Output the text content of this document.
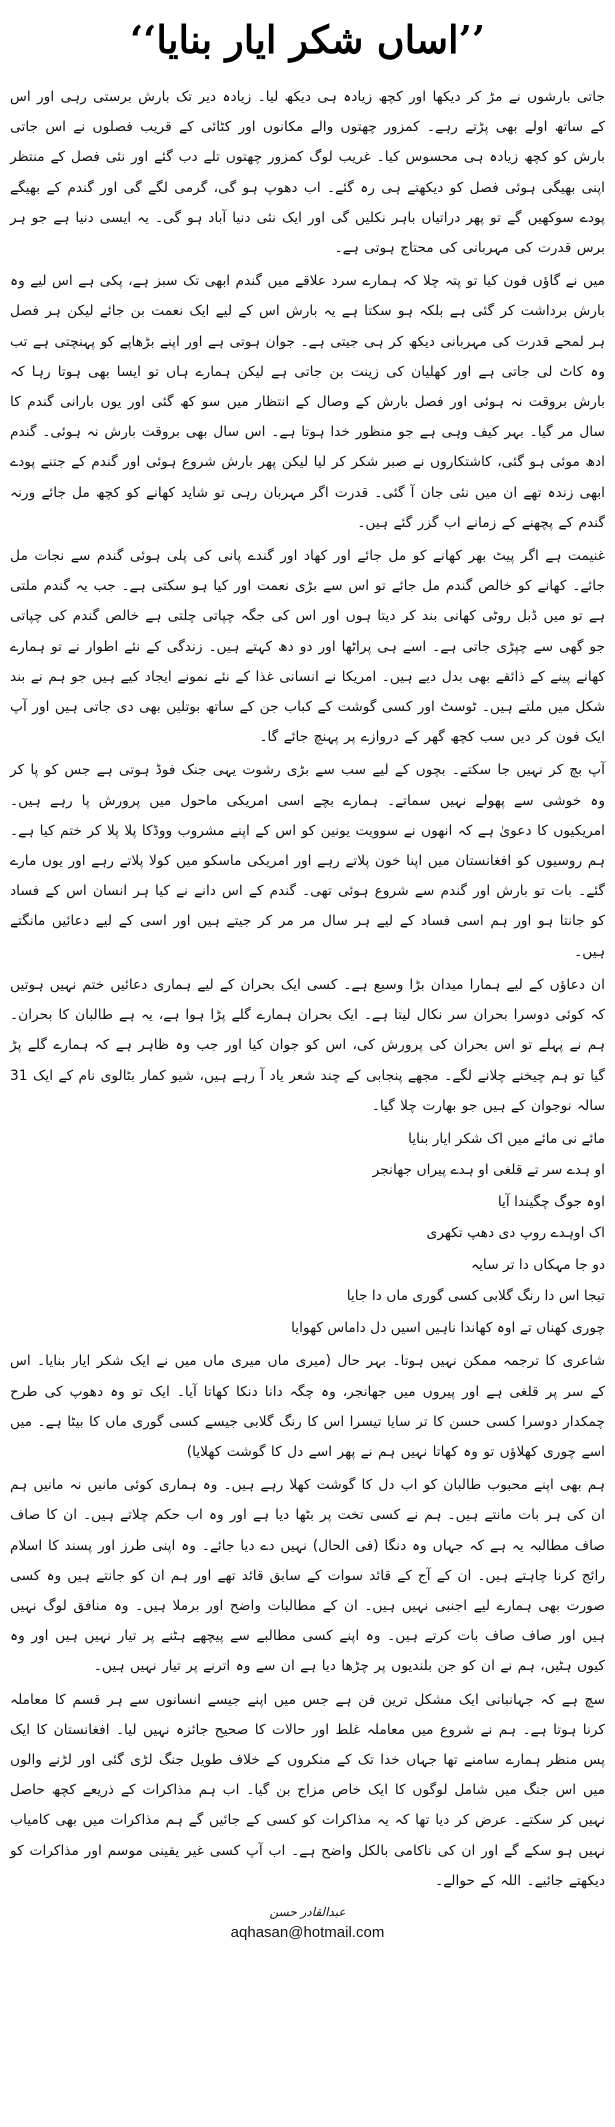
’’اساں شکر ایار بنایا‘‘

جاتی بارشوں نے مڑ کر دیکھا اور کچھ زیادہ ہی دیکھ لیا۔ زیادہ دیر تک بارش برستی رہی اور اس کے ساتھ اولے بھی پڑتے رہے۔ کمزور چھتوں والے مکانوں اور کٹائی کے قریب فصلوں نے اس جاتی بارش کو کچھ زیادہ ہی محسوس کیا۔ غریب لوگ کمزور چھتوں تلے دب گئے اور نئی فصل کے منتظر اپنی بھیگی ہوئی فصل کو دیکھتے ہی رہ گئے۔ اب دھوپ ہو گی، گرمی لگے گی اور گندم کے بھیگے پودے سوکھیں گے تو پھر دراتیاں باہر نکلیں گی اور ایک نئی دنیا آباد ہو گی۔ یہ ایسی دنیا ہے جو ہر برس قدرت کی مہربانی کی محتاج ہوتی ہے۔

میں نے گاؤں فون کیا تو پتہ چلا کہ ہمارے سرد علاقے میں گندم ابھی تک سبز ہے، پکی ہے اس لیے وہ بارش برداشت کر گئی ہے بلکہ ہو سکتا ہے یہ بارش اس کے لیے ایک نعمت بن جائے لیکن ہر فصل ہر لمحے قدرت کی مہربانی دیکھ کر ہی جیتی ہے۔ جوان ہوتی ہے اور اپنے بڑھاپے کو پہنچتی ہے تب وہ کاٹ لی جاتی ہے اور کھلیان کی زینت بن جاتی ہے لیکن ہمارے ہاں تو ایسا بھی ہوتا رہا کہ بارش بروقت نہ ہوئی اور فصل بارش کے وصال کے انتظار میں سو کھ گئی اور یوں بارانی گندم کا سال مر گیا۔ بہر کیف وہی ہے جو منظور خدا ہوتا ہے۔ اس سال بھی بروقت بارش نہ ہوئی۔ گندم ادھ موئی ہو گئی، کاشتکاروں نے صبر شکر کر لیا لیکن پھر بارش شروع ہوئی اور گندم کے جتنے پودے ابھی زندہ تھے ان میں نئی جان آ گئی۔ قدرت اگر مہربان رہی تو شاید کھانے کو کچھ مل جائے ورنہ گندم کے پچھنے کے زمانے اب گزر گئے ہیں۔

غنیمت ہے اگر پیٹ بھر کھانے کو مل جائے اور کھاد اور گندے پانی کی پلی ہوئی گندم سے نجات مل جائے۔ کھانے کو خالص گندم مل جائے تو اس سے بڑی نعمت اور کیا ہو سکتی ہے۔ جب یہ گندم ملتی ہے تو میں ڈبل روٹی کھانی بند کر دیتا ہوں اور اس کی جگہ چپاتی چلتی ہے خالص گندم کی چپاتی جو گھی سے چپڑی جاتی ہے۔ اسے ہی پراٹھا اور دو دھ کہتے ہیں۔ زندگی کے نئے اطوار نے تو ہمارے کھانے پینے کے ذائقے بھی بدل دیے ہیں۔ امریکا نے انسانی غذا کے نئے نمونے ایجاد کیے ہیں جو ہم نے بند شکل میں ملتے ہیں۔ ٹوسٹ اور کسی گوشت کے کباب جن کے ساتھ بوتلیں بھی دی جاتی ہیں اور آپ ایک فون کر دیں سب کچھ گھر کے دروازے پر پہنچ جائے گا۔

آپ بچ کر نہیں جا سکتے۔ بچوں کے لیے سب سے بڑی رشوت یہی جنک فوڈ ہوتی ہے جس کو پا کر وہ خوشی سے پھولے نہیں سماتے۔ ہمارے بچے اسی امریکی ماحول میں پرورش پا رہے ہیں۔ امریکیوں کا دعویٰ ہے کہ انھوں نے سوویت یونین کو اس کے اپنے مشروب ووڈکا پلا پلا کر ختم کیا ہے۔ ہم روسیوں کو افغانستان میں اپنا خون پلاتے رہے اور امریکی ماسکو میں کولا پلاتے رہے اور یوں مارے گئے۔ بات تو بارش اور گندم سے شروع ہوئی تھی۔ گندم کے اس دانے نے کیا ہر انسان اس کے فساد کو جانتا ہو اور ہم اسی فساد کے لیے ہر سال مر مر کر جیتے ہیں اور اسی کے لیے دعائیں مانگتے ہیں۔

ان دعاؤں کے لیے ہمارا میدان بڑا وسیع ہے۔ کسی ایک بحران کے لیے ہماری دعائیں ختم نہیں ہوتیں کہ کوئی دوسرا بحران سر نکال لیتا ہے۔ ایک بحران ہمارے گلے پڑا ہوا ہے، یہ ہے طالبان کا بحران۔ ہم نے پہلے تو اس بحران کی پرورش کی، اس کو جوان کیا اور جب وہ ظاہر ہے کہ ہمارے گلے پڑ گیا تو ہم چیخنے چلانے لگے۔ مجھے پنجابی کے چند شعر یاد آ رہے ہیں، شیو کمار بٹالوی نام کے ایک 31 سالہ نوجوان کے ہیں جو بھارت چلا گیا۔

مائے نی مائے میں اک شکر ایار بنایا

او ہدے سر تے قلغی او ہدے پیراں جھانجر

اوہ جوگ چگیندا آیا

اک اوہدے روپ دی دھپ تکھری

دو جا مہکاں دا تر سایہ

تیجا اس دا رنگ گلابی کسی گوری ماں دا جایا

چوری کھناں تے اوہ کھاندا ناہیں اسیں دل داماس کھوایا

شاعری کا ترجمہ ممکن نہیں ہوتا۔ بہر حال (میری ماں میری ماں میں نے ایک شکر ایار بنایا۔ اس کے سر پر قلغی ہے اور پیروں میں جھانجر، وہ چگہ دانا دنکا کھاتا آیا۔ ایک تو وہ دھوپ کی طرح چمکدار دوسرا کسی حسن کا تر سایا تیسرا اس کا رنگ گلابی جیسے کسی گوری ماں کا بیٹا ہے۔ میں اسے چوری کھلاؤں تو وہ کھاتا نہیں ہم نے پھر اسے دل کا گوشت کھلایا)

ہم بھی اپنے محبوب طالبان کو اب دل کا گوشت کھلا رہے ہیں۔ وہ ہماری کوئی مانیں نہ مانیں ہم ان کی ہر بات مانتے ہیں۔ ہم نے کسی تخت پر بٹھا دیا ہے اور وہ اب حکم چلاتے ہیں۔ ان کا صاف صاف مطالبہ یہ ہے کہ جہاں وہ دنگا (فی الحال) نہیں دے دیا جائے۔ وہ اپنی طرز اور پسند کا اسلام رائج کرنا چاہتے ہیں۔ ان کے آج کے قائد سوات کے سابق قائد تھے اور ہم ان کو جانتے ہیں وہ کسی صورت بھی ہمارے لیے اجنبی نہیں ہیں۔ ان کے مطالبات واضح اور برملا ہیں۔ وہ منافق لوگ نہیں ہیں اور صاف صاف بات کرتے ہیں۔ وہ اپنے کسی مطالبے سے پیچھے ہٹنے پر تیار نہیں ہیں اور وہ کیوں ہٹیں، ہم نے ان کو جن بلندیوں پر چڑھا دیا ہے ان سے وہ اترنے پر تیار نہیں ہیں۔

سچ ہے کہ جہانبانی ایک مشکل ترین فن ہے جس میں اپنے جیسے انسانوں سے ہر قسم کا معاملہ کرنا ہوتا ہے۔ ہم نے شروع میں معاملہ غلط اور حالات کا صحیح جائزہ نہیں لیا۔ افغانستان کا ایک پس منظر ہمارے سامنے تھا جہاں خدا تک کے منکروں کے خلاف طویل جنگ لڑی گئی اور لڑنے والوں میں اس جنگ میں شامل لوگوں کا ایک خاص مزاج بن گیا۔ اب ہم مذاکرات کے ذریعے کچھ حاصل نہیں کر سکتے۔ عرض کر دیا تھا کہ یہ مذاکرات کو کسی کے جائیں گے ہم مذاکرات میں بھی کامیاب نہیں ہو سکے گے اور ان کی ناکامی بالکل واضح ہے۔ اب آپ کسی غیر یقینی موسم اور مذاکرات کو دیکھتے جائیے۔ اللہ کے حوالے۔

عبدالقادر حسن

aqhasan@hotmail.com
